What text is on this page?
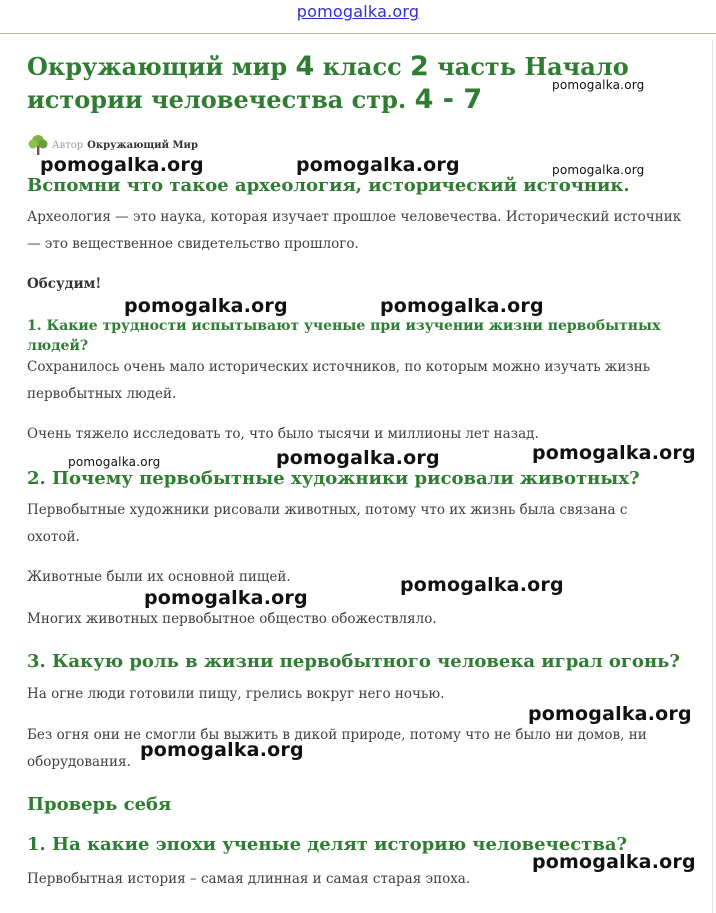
pomogalka.org
Окружающий мир 4 класс 2 часть Начало истории человечества стр. 4 - 7
Автор Окружающий Мир
Вспомни что такое археология, исторический источник.

Археология — это наука, которая изучает прошлое человечества. Исторический источник

— это вещественное свидетельство прошлого.

Обсудим!

1. Какие трудности испытывают ученые при изучении жизни первобытных людей?

Сохранилось очень мало исторических источников, по которым можно изучать жизнь

первобытных людей.

Очень тяжело исследовать то, что было тысячи и миллионы лет назад.

2. Почему первобытные художники рисовали животных?

Первобытные художники рисовали животных, потому что их жизнь была связана с

охотой.

Животные были их основной пищей.

Многих животных первобытное общество обожествляло.

3. Какую роль в жизни первобытного человека играл огонь?

На огне люди готовили пищу, грелись вокруг него ночью.

Без огня они не смогли бы выжить в дикой природе, потому что не было ни домов, ни

оборудования.

Проверь себя
1. На какие эпохи ученые делят историю человечества?

Первобытная история – самая длинная и самая старая эпоха.

pomogalka.org
pomogalka.org	pomogalka.org	pomogalka.org
pomogalka.org	pomogalka.org
pomogalka.org	pomogalka.org	pomogalka.org
pomogalka.org
pomogalka.org
pomogalka.org
pomogalka.org
pomogalka.org
